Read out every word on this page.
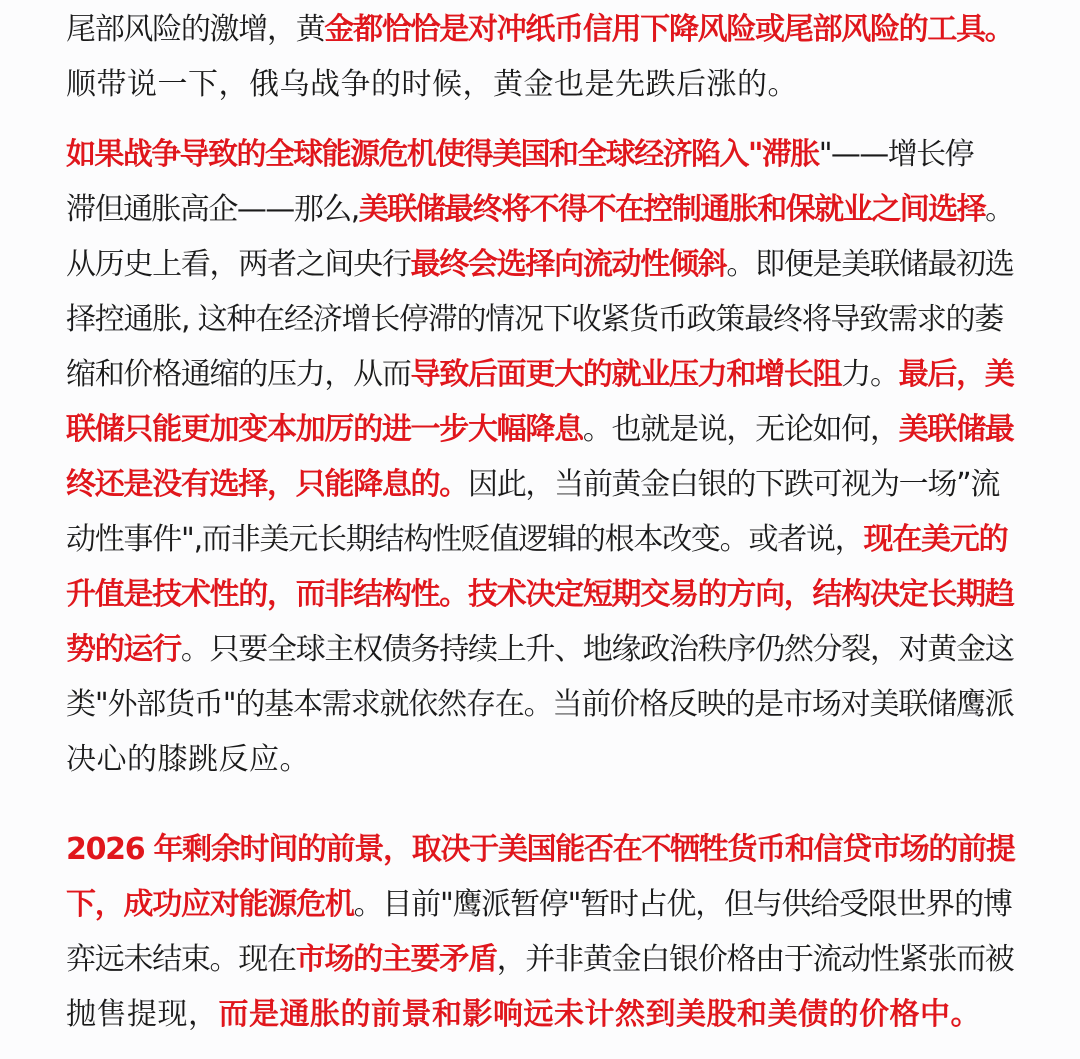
尾部风险的激增，黄金都恰恰是对冲纸币信用下降风险或尾部风险的工具。
顺带说一下，俄乌战争的时候，黄金也是先跌后涨的。
如果战争导致的全球能源危机使得美国和全球经济陷入"滞胀"——增长停
滞但通胀高企——那么,美联储最终将不得不在控制通胀和保就业之间选择。
从历史上看，两者之间央行最终会选择向流动性倾斜。即便是美联储最初选
择控通胀, 这种在经济增长停滞的情况下收紧货币政策最终将导致需求的萎
缩和价格通缩的压力，从而导致后面更大的就业压力和增长阻力。最后，美
联储只能更加变本加厉的进一步大幅降息。也就是说，无论如何，美联储最
终还是没有选择，只能降息的。因此，当前黄金白银的下跌可视为一场”流
动性事件",而非美元长期结构性贬值逻辑的根本改变。或者说，现在美元的
升值是技术性的，而非结构性。技术决定短期交易的方向，结构决定长期趋
势的运行。只要全球主权债务持续上升、地缘政治秩序仍然分裂，对黄金这
类"外部货币"的基本需求就依然存在。当前价格反映的是市场对美联储鹰派
决心的膝跳反应。
2026 年剩余时间的前景，取决于美国能否在不牺牲货币和信贷市场的前提
下，成功应对能源危机。目前"鹰派暂停"暂时占优，但与供给受限世界的博
弈远未结束。现在市场的主要矛盾，并非黄金白银价格由于流动性紧张而被
抛售提现，而是通胀的前景和影响远未计然到美股和美债的价格中。
